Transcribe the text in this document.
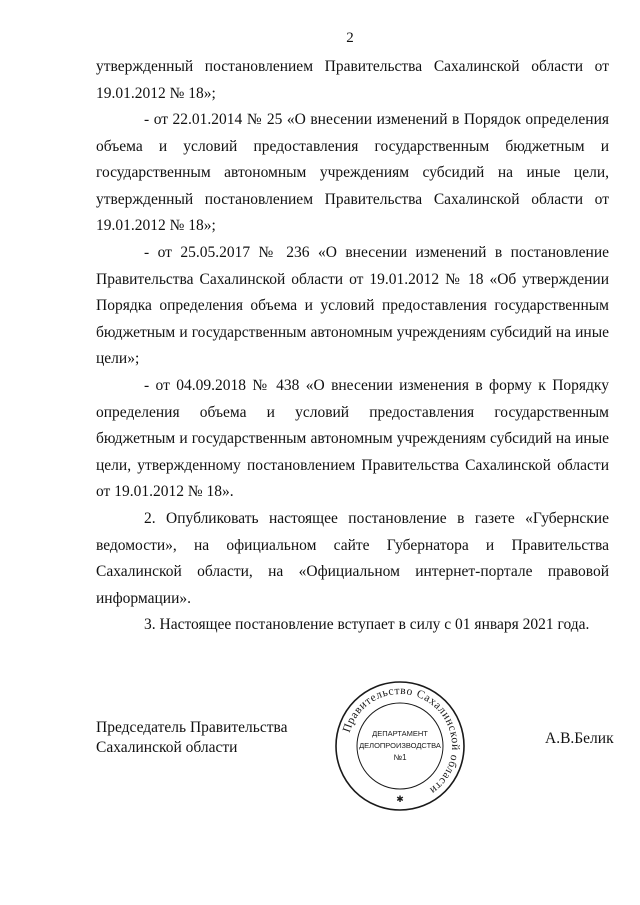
2
утвержденный постановлением Правительства Сахалинской области от 19.01.2012 № 18»;
- от 22.01.2014 № 25 «О внесении изменений в Порядок определения объема и условий предоставления государственным бюджетным и государственным автономным учреждениям субсидий на иные цели, утвержденный постановлением Правительства Сахалинской области от 19.01.2012 № 18»;
- от 25.05.2017 № 236 «О внесении изменений в постановление Правительства Сахалинской области от 19.01.2012 № 18 «Об утверждении Порядка определения объема и условий предоставления государственным бюджетным и государственным автономным учреждениям субсидий на иные цели»;
- от 04.09.2018 № 438 «О внесении изменения в форму к Порядку определения объема и условий предоставления государственным бюджетным и государственным автономным учреждениям субсидий на иные цели, утвержденному постановлением Правительства Сахалинской области от 19.01.2012 № 18».
2. Опубликовать настоящее постановление в газете «Губернские ведомости», на официальном сайте Губернатора и Правительства Сахалинской области, на «Официальном интернет-портале правовой информации».
3. Настоящее постановление вступает в силу с 01 января 2021 года.
Председатель Правительства
Сахалинской области
А.В.Белик
Правительство Сахалинской области
ДЕПАРТАМЕНТ
ДЕЛОПРОИЗВОДСТВА
№1
✱
